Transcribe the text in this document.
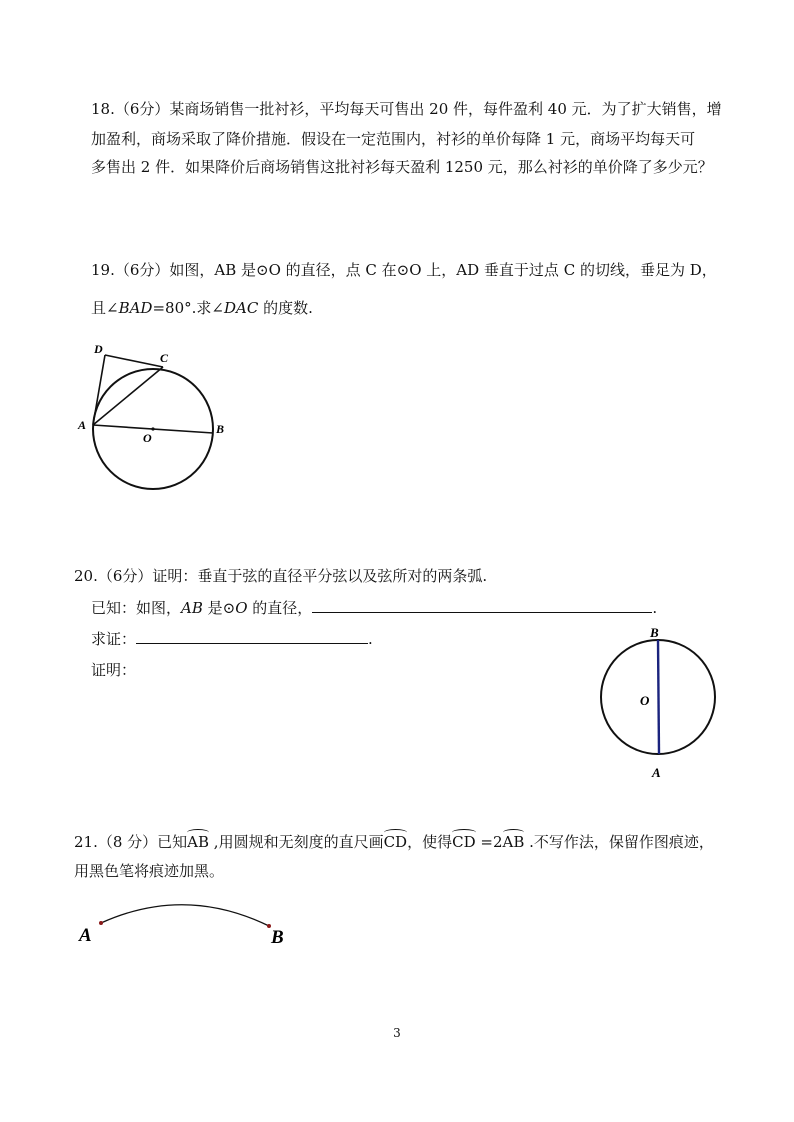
18.（6分）某商场销售一批衬衫，平均每天可售出 20 件，每件盈利 40 元．为了扩大销售，增
加盈利，商场采取了降价措施．假设在一定范围内，衬衫的单价每降 1 元，商场平均每天可
多售出 2 件．如果降价后商场销售这批衬衫每天盈利 1250 元，那么衬衫的单价降了多少元？
19.（6分）如图，AB 是⊙O 的直径，点 C 在⊙O 上，AD 垂直于过点 C 的切线，垂足为 D，
且∠BAD=80°.求∠DAC 的度数.
D
C
A
O
B
20.（6分）证明：垂直于弦的直径平分弦以及弦所对的两条弧.
已知：如图，AB 是⊙O 的直径，	.
求证：	.
证明：
B
O
A
21.（8 分）已知AB ,用圆规和无刻度的直尺画CD，使得CD =2AB .不写作法，保留作图痕迹，
用黑色笔将痕迹加黑。
A	B
3
